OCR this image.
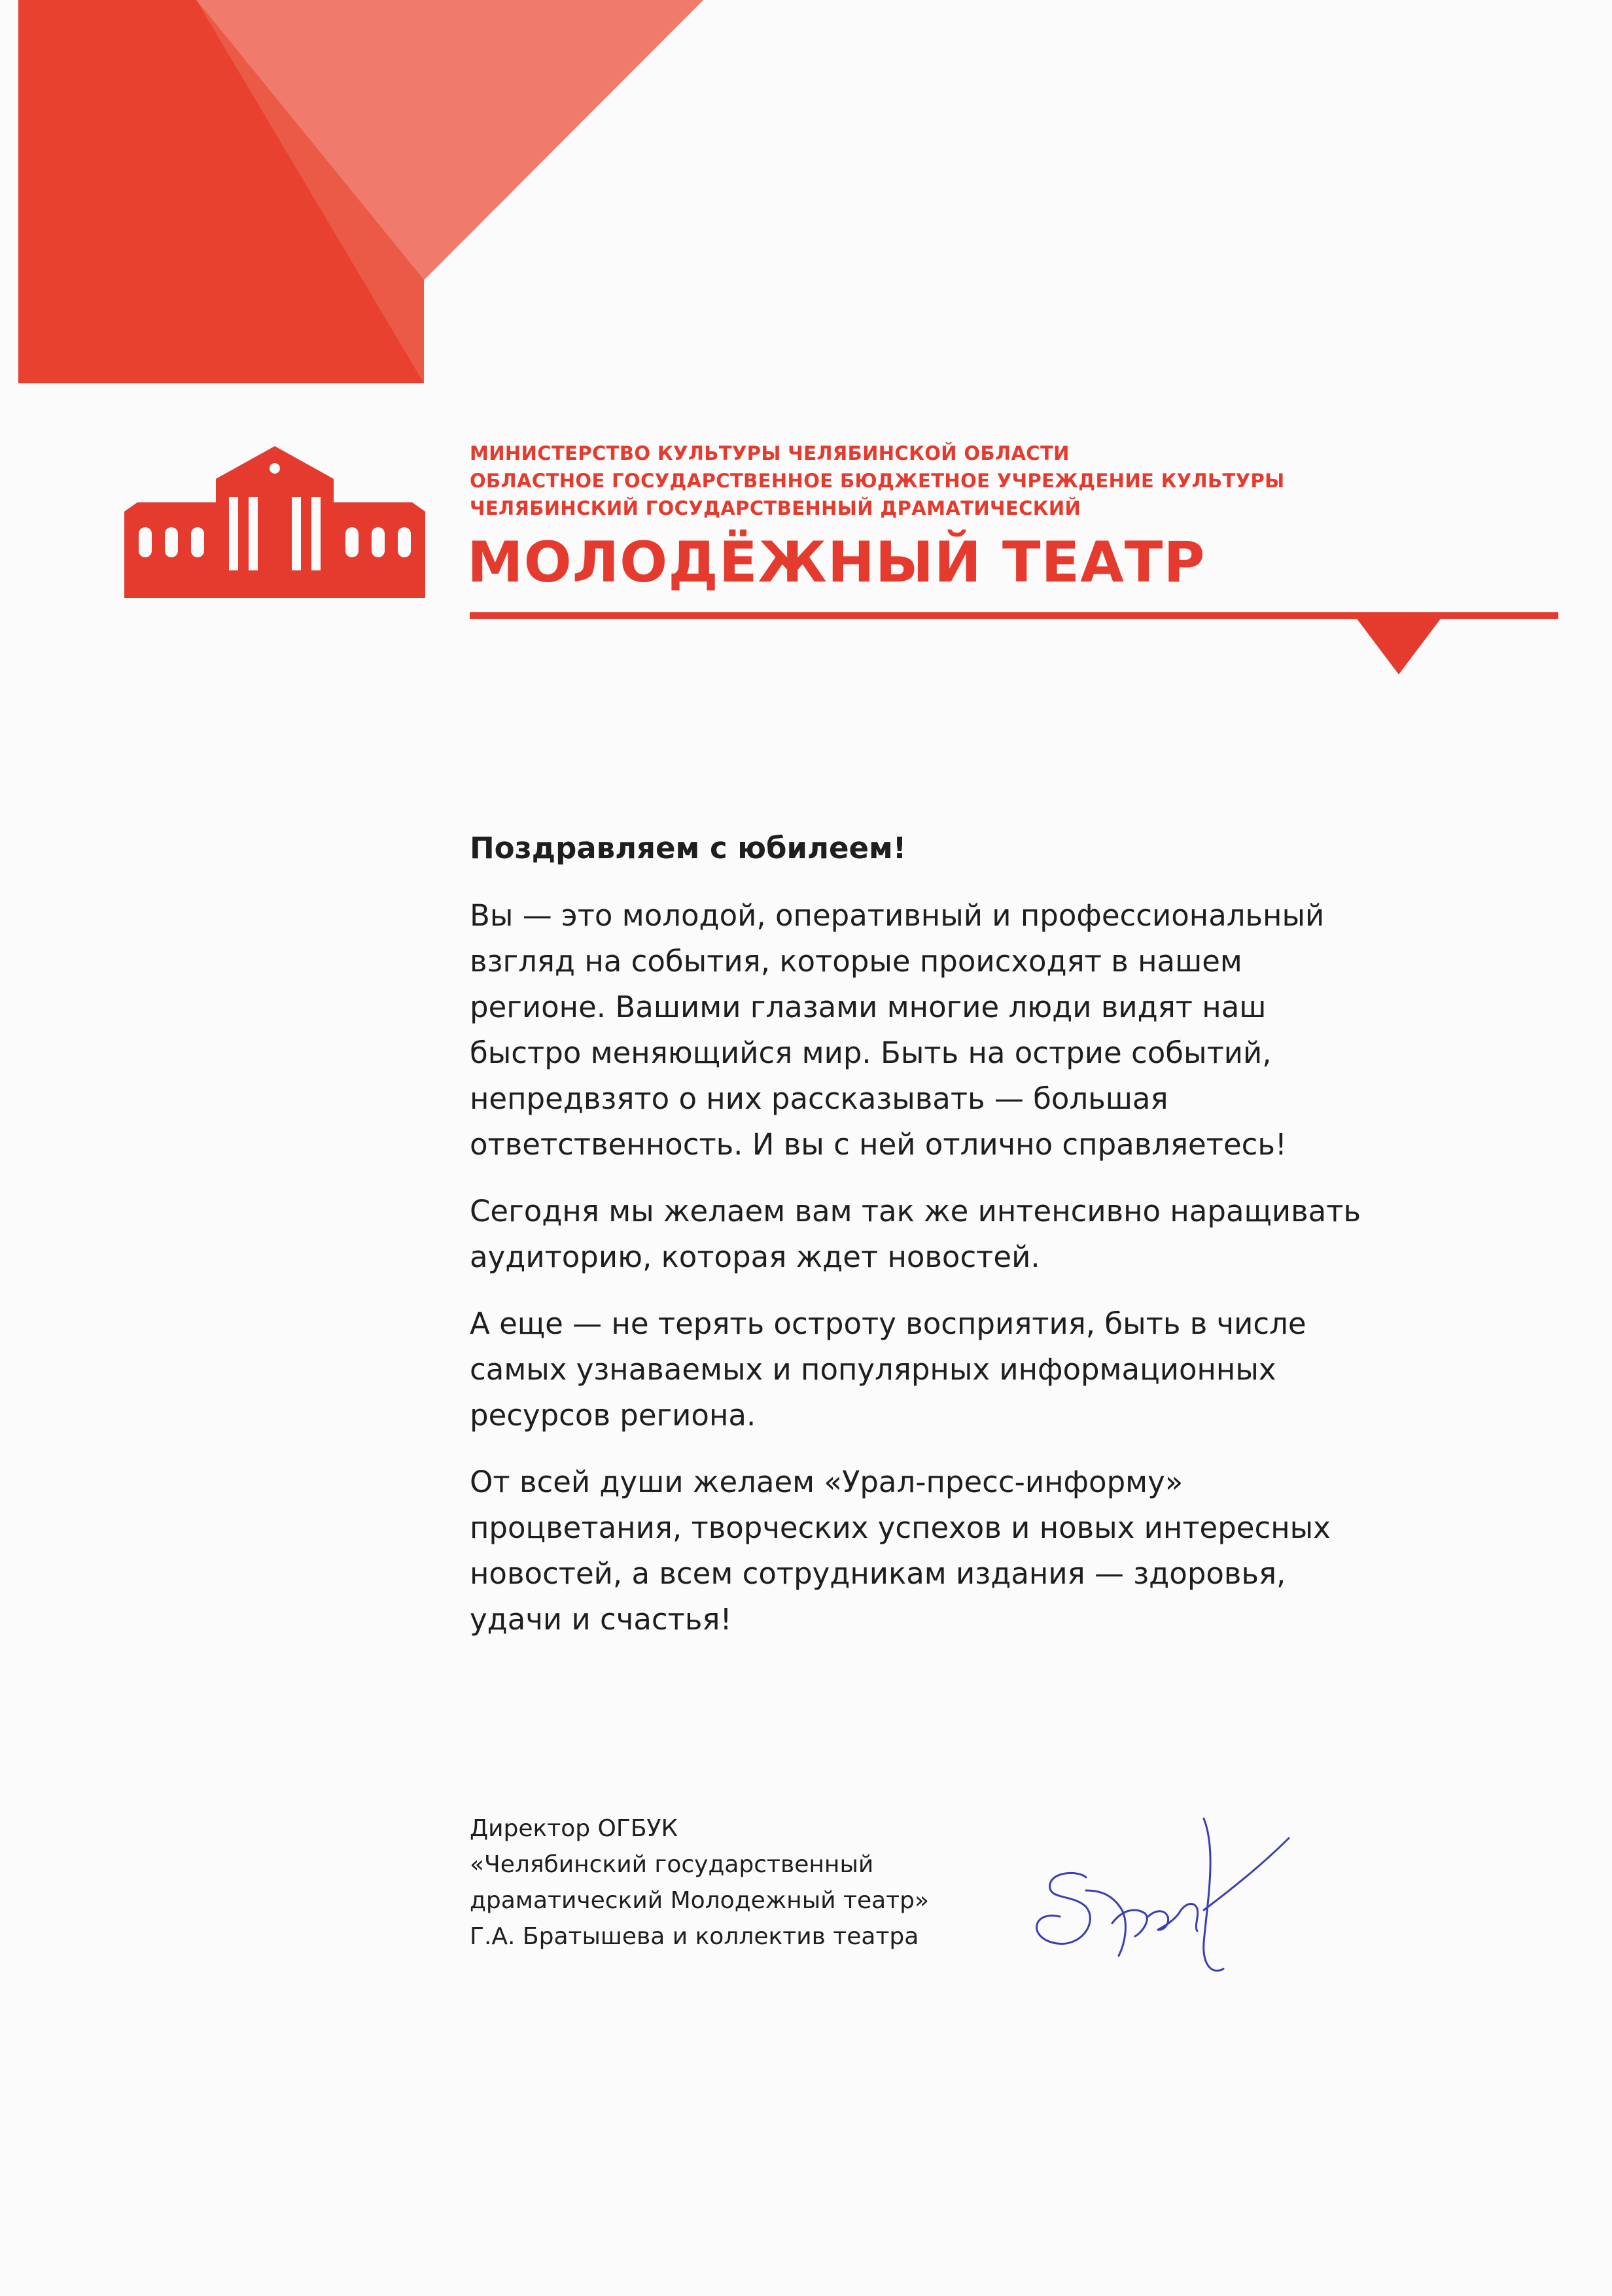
МИНИСТЕРСТВО КУЛЬТУРЫ ЧЕЛЯБИНСКОЙ ОБЛАСТИ
ОБЛАСТНОЕ ГОСУДАРСТВЕННОЕ БЮДЖЕТНОЕ УЧРЕЖДЕНИЕ КУЛЬТУРЫ
ЧЕЛЯБИНСКИЙ ГОСУДАРСТВЕННЫЙ ДРАМАТИЧЕСКИЙ
МОЛОДЁЖНЫЙ ТЕАТР

Поздравляем с юбилеем!

Вы — это молодой, оперативный и профессиональный
взгляд на события, которые происходят в нашем
регионе. Вашими глазами многие люди видят наш
быстро меняющийся мир. Быть на острие событий,
непредвзято о них рассказывать — большая
ответственность. И вы с ней отлично справляетесь!

Сегодня мы желаем вам так же интенсивно наращивать
аудиторию, которая ждет новостей.

А еще — не терять остроту восприятия, быть в числе
самых узнаваемых и популярных информационных
ресурсов региона.

От всей души желаем «Урал-пресс-информу»
процветания, творческих успехов и новых интересных
новостей, а всем сотрудникам издания — здоровья,
удачи и счастья!

Директор ОГБУК
«Челябинский государственный
драматический Молодежный театр»
Г.А. Братышева и коллектив театра
